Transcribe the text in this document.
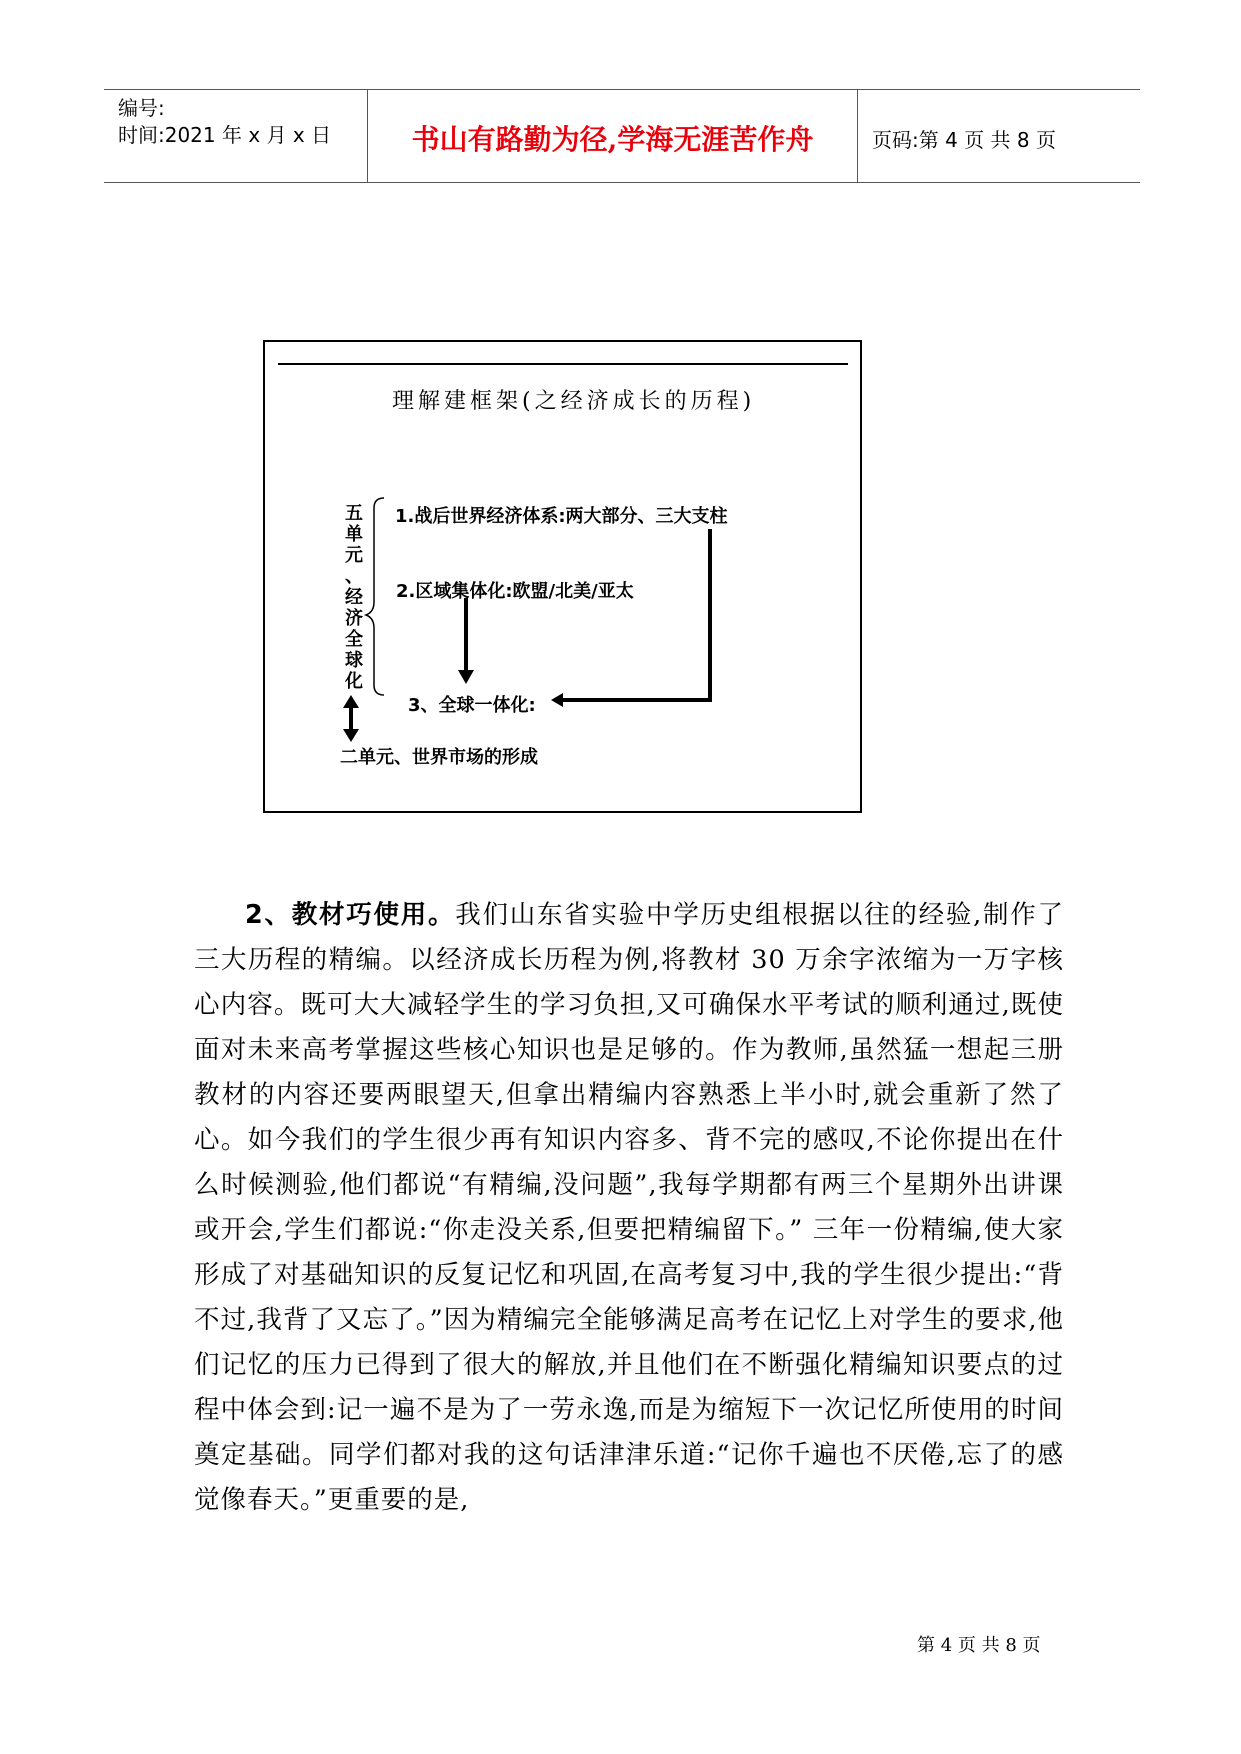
编号:
时间:2021 年 x 月 x 日	书山有路勤为径,学海无涯苦作舟	页码:第 4 页 共 8 页
理解建框架(之经济成长的历程)
五
单
元
、
经
济
全
球
化
1.战后世界经济体系:两大部分、三大支柱
2.区域集体化:欧盟/北美/亚太
3、全球一体化:
二单元、世界市场的形成

2、教材巧使用。我们山东省实验中学历史组根据以往的经验,制作了三大历程的精编。以经济成长历程为例,将教材 30 万余字浓缩为一万字核心内容。既可大大减轻学生的学习负担,又可确保水平考试的顺利通过,既使面对未来高考掌握这些核心知识也是足够的。作为教师,虽然猛一想起三册教材的内容还要两眼望天,但拿出精编内容熟悉上半小时,就会重新了然了心。如今我们的学生很少再有知识内容多、背不完的感叹,不论你提出在什么时候测验,他们都说“有精编,没问题”,我每学期都有两三个星期外出讲课或开会,学生们都说:“你走没关系,但要把精编留下。” 三年一份精编,使大家形成了对基础知识的反复记忆和巩固,在高考复习中,我的学生很少提出:“背不过,我背了又忘了。”因为精编完全能够满足高考在记忆上对学生的要求,他们记忆的压力已得到了很大的解放,并且他们在不断强化精编知识要点的过程中体会到:记一遍不是为了一劳永逸,而是为缩短下一次记忆所使用的时间奠定基础。同学们都对我的这句话津津乐道:“记你千遍也不厌倦,忘了的感觉像春天。”更重要的是,

第 4 页 共 8 页
